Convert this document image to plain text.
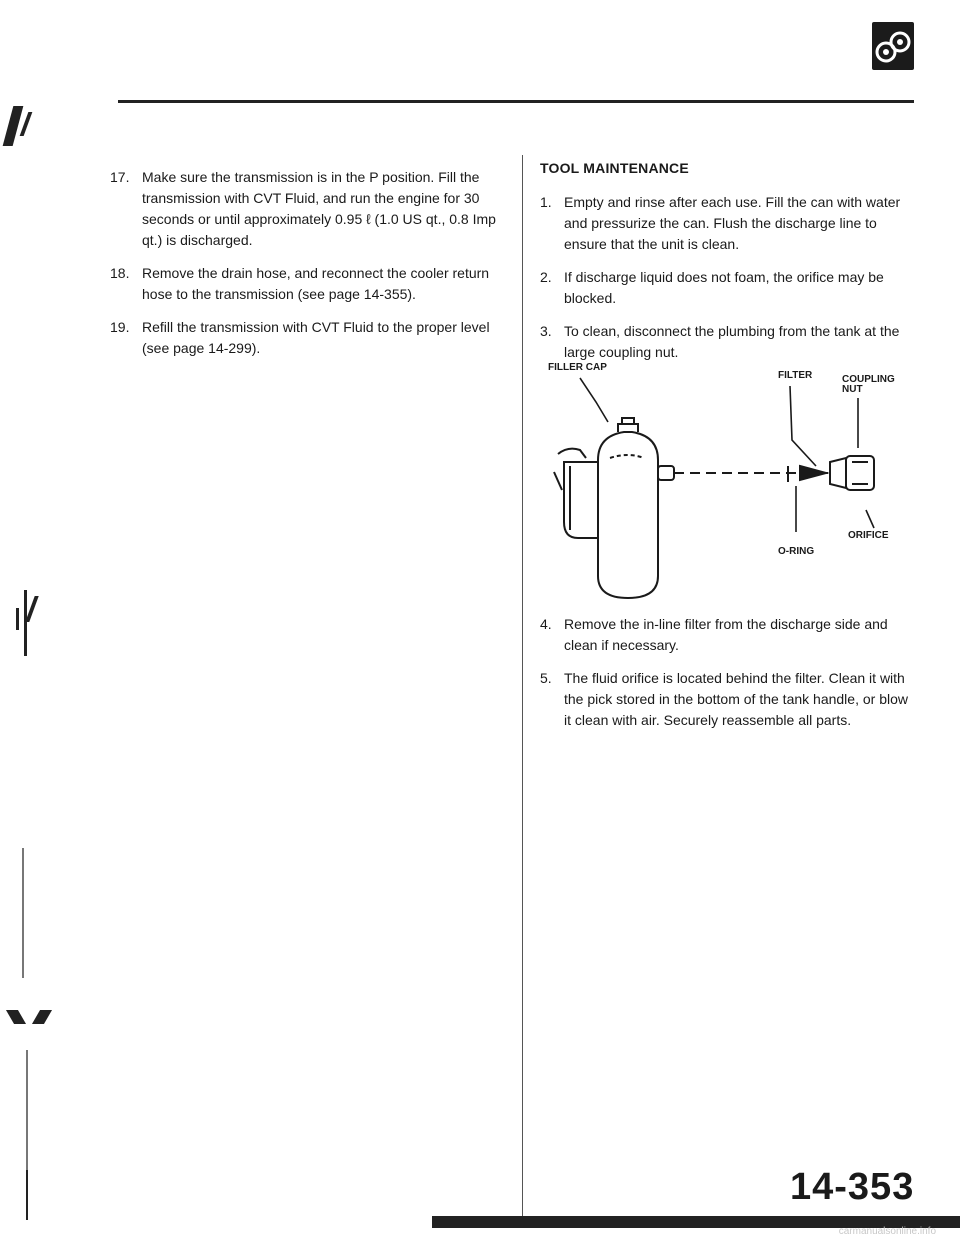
17. Make sure the transmission is in the P position. Fill the transmission with CVT Fluid, and run the engine for 30 seconds or until approximately 0.95 ℓ (1.0 US qt., 0.8 Imp qt.) is discharged.
18. Remove the drain hose, and reconnect the cooler return hose to the transmission (see page 14-355).
19. Refill the transmission with CVT Fluid to the proper level (see page 14-299).
TOOL MAINTENANCE
1. Empty and rinse after each use. Fill the can with water and pressurize the can. Flush the discharge line to ensure that the unit is clean.
2. If discharge liquid does not foam, the orifice may be blocked.
3. To clean, disconnect the plumbing from the tank at the large coupling nut.
FILLER CAP
FILTER	COUPLING
NUT
ORIFICE
O-RING
4. Remove the in-line filter from the discharge side and clean if necessary.
5. The fluid orifice is located behind the filter. Clean it with the pick stored in the bottom of the tank handle, or blow it clean with air. Securely reassemble all parts.
14-353
carmanualsonline.info
